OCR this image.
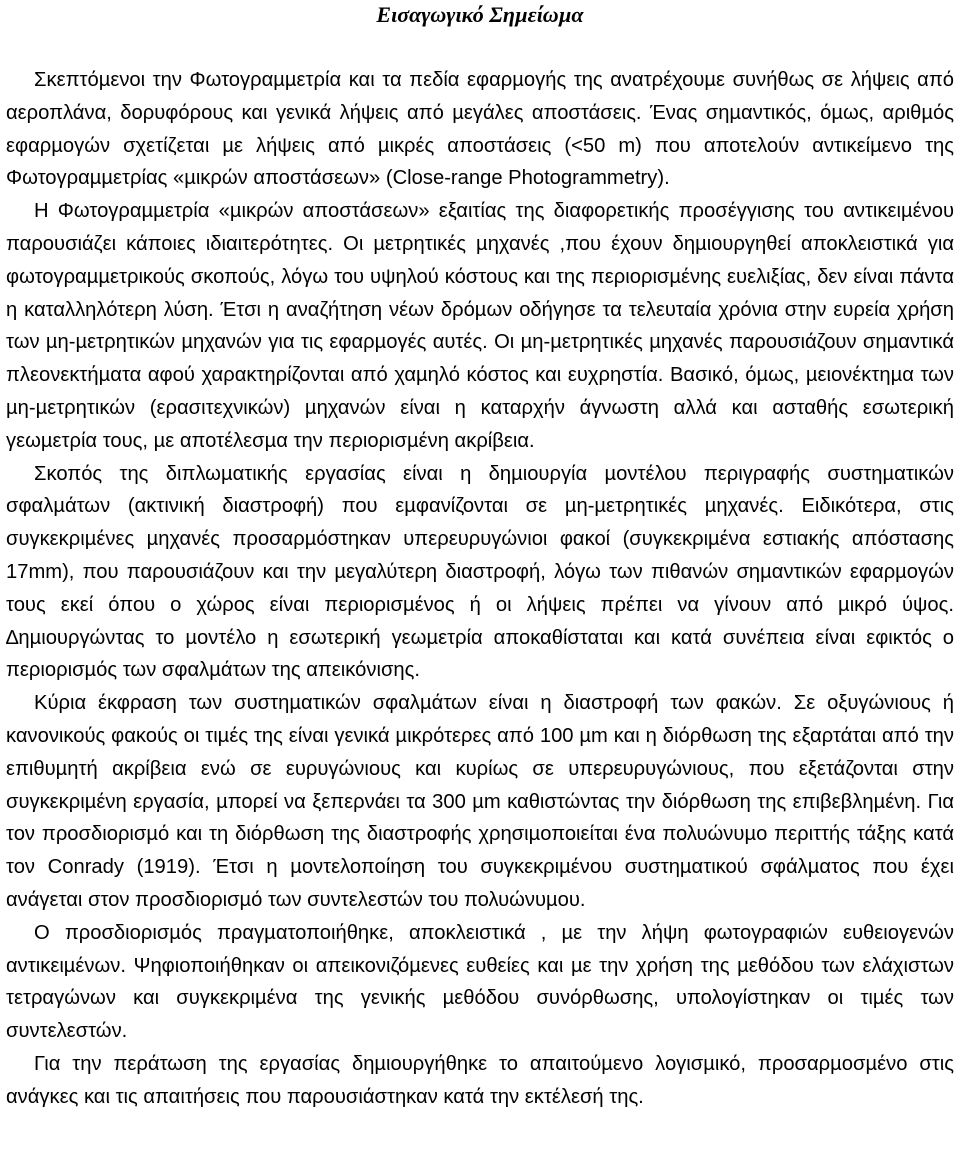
Εισαγωγικό Σηµείωµα

Σκεπτόµενοι την Φωτογραµµετρία και τα πεδία εφαρµογής της ανατρέχουµε συνήθως σε λήψεις από αεροπλάνα, δορυφόρους και γενικά λήψεις από µεγάλες αποστάσεις. Ένας σηµαντικός, όµως, αριθµός εφαρµογών σχετίζεται µε λήψεις από µικρές αποστάσεις (<50 m) που αποτελούν αντικείµενο της Φωτογραµµετρίας «µικρών αποστάσεων» (Close-range Photogrammetry).

Η Φωτογραµµετρία «µικρών αποστάσεων» εξαιτίας της διαφορετικής προσέγγισης του αντικειµένου παρουσιάζει κάποιες ιδιαιτερότητες. Οι µετρητικές µηχανές ,που έχουν δηµιουργηθεί αποκλειστικά για φωτογραµµετρικούς σκοπούς, λόγω του υψηλού κόστους και της περιορισµένης ευελιξίας, δεν είναι πάντα η καταλληλότερη λύση. Έτσι η αναζήτηση νέων δρόµων οδήγησε τα τελευταία χρόνια στην ευρεία χρήση των µη-µετρητικών µηχανών για τις εφαρµογές αυτές. Οι µη-µετρητικές µηχανές παρουσιάζουν σηµαντικά πλεονεκτήµατα αφού χαρακτηρίζονται από χαµηλό κόστος και ευχρηστία. Βασικό, όµως, µειονέκτηµα των µη-µετρητικών (ερασιτεχνικών) µηχανών είναι η καταρχήν άγνωστη αλλά και ασταθής εσωτερική γεωµετρία τους, µε αποτέλεσµα την περιορισµένη ακρίβεια.

Σκοπός της διπλωµατικής εργασίας είναι η δηµιουργία µοντέλου περιγραφής συστηµατικών σφαλµάτων (ακτινική διαστροφή) που εµφανίζονται σε µη-µετρητικές µηχανές. Ειδικότερα, στις συγκεκριµένες µηχανές προσαρµόστηκαν υπερευρυγώνιοι φακοί (συγκεκριµένα εστιακής απόστασης 17mm), που παρουσιάζουν και την µεγαλύτερη διαστροφή, λόγω των πιθανών σηµαντικών εφαρµογών τους εκεί όπου ο χώρος είναι περιορισµένος ή οι λήψεις πρέπει να γίνουν από µικρό ύψος. ∆ηµιουργώντας το µοντέλο η εσωτερική γεωµετρία αποκαθίσταται και κατά συνέπεια είναι εφικτός ο περιορισµός των σφαλµάτων της απεικόνισης.

Κύρια έκφραση των συστηµατικών σφαλµάτων είναι η διαστροφή των φακών. Σε οξυγώνιους ή κανονικούς φακούς οι τιµές της είναι γενικά µικρότερες από 100 µm και η διόρθωση της εξαρτάται από την επιθυµητή ακρίβεια ενώ σε ευρυγώνιους και κυρίως σε υπερευρυγώνιους, που εξετάζονται στην συγκεκριµένη εργασία, µπορεί να ξεπερνάει τα 300 µm καθιστώντας την διόρθωση της επιβεβληµένη. Για τον προσδιορισµό και τη διόρθωση της διαστροφής χρησιµοποιείται ένα πολυώνυµο περιττής τάξης κατά τον Conrady (1919). Έτσι η µοντελοποίηση του συγκεκριµένου συστηµατικού σφάλµατος που έχει ανάγεται στον προσδιορισµό των συντελεστών του πολυώνυµου.

Ο προσδιορισµός πραγµατοποιήθηκε, αποκλειστικά , µε την λήψη φωτογραφιών ευθειογενών αντικειµένων. Ψηφιοποιήθηκαν οι απεικονιζόµενες ευθείες και µε την χρήση της µεθόδου των ελάχιστων τετραγώνων και συγκεκριµένα της γενικής µεθόδου συνόρθωσης, υπολογίστηκαν οι τιµές των συντελεστών.

Για την περάτωση της εργασίας δηµιουργήθηκε το απαιτούµενο λογισµικό, προσαρµοσµένο στις ανάγκες και τις απαιτήσεις που παρουσιάστηκαν κατά την εκτέλεσή της.
